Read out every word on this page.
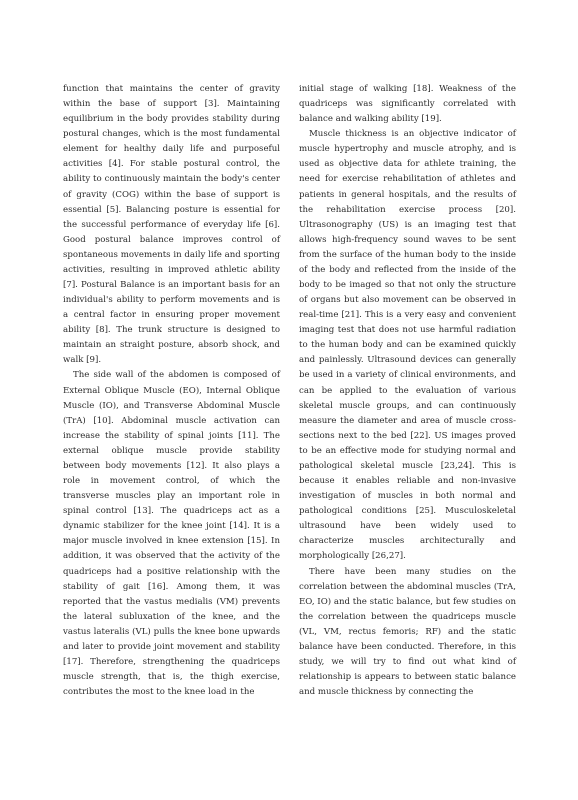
function that maintains the center of gravity within the base of support [3]. Maintaining equilibrium in the body provides stability during postural changes, which is the most fundamental element for healthy daily life and purposeful activities [4]. For stable postural control, the ability to continuously maintain the body's center of gravity (COG) within the base of support is essential [5]. Balancing posture is essential for the successful performance of everyday life [6]. Good postural balance improves control of spontaneous movements in daily life and sporting activities, resulting in improved athletic ability [7]. Postural Balance is an important basis for an individual's ability to perform movements and is a central factor in ensuring proper movement ability [8]. The trunk structure is designed to maintain an straight posture, absorb shock, and walk [9].

The side wall of the abdomen is composed of External Oblique Muscle (EO), Internal Oblique Muscle (IO), and Transverse Abdominal Muscle (TrA) [10]. Abdominal muscle activation can increase the stability of spinal joints [11]. The external oblique muscle provide stability between body movements [12]. It also plays a role in movement control, of which the transverse muscles play an important role in spinal control [13]. The quadriceps act as a dynamic stabilizer for the knee joint [14]. It is a major muscle involved in knee extension [15]. In addition, it was observed that the activity of the quadriceps had a positive relationship with the stability of gait [16]. Among them, it was reported that the vastus medialis (VM) prevents the lateral subluxation of the knee, and the vastus lateralis (VL) pulls the knee bone upwards and later to provide joint movement and stability [17]. Therefore, strengthening the quadriceps muscle strength, that is, the thigh exercise, contributes the most to the knee load in the

initial stage of walking [18]. Weakness of the quadriceps was significantly correlated with balance and walking ability [19].

Muscle thickness is an objective indicator of muscle hypertrophy and muscle atrophy, and is used as objective data for athlete training, the need for exercise rehabilitation of athletes and patients in general hospitals, and the results of the rehabilitation exercise process [20]. Ultrasonography (US) is an imaging test that allows high-frequency sound waves to be sent from the surface of the human body to the inside of the body and reflected from the inside of the body to be imaged so that not only the structure of organs but also movement can be observed in real-time [21]. This is a very easy and convenient imaging test that does not use harmful radiation to the human body and can be examined quickly and painlessly. Ultrasound devices can generally be used in a variety of clinical environments, and can be applied to the evaluation of various skeletal muscle groups, and can continuously measure the diameter and area of muscle cross-sections next to the bed [22]. US images proved to be an effective mode for studying normal and pathological skeletal muscle [23,24]. This is because it enables reliable and non-invasive investigation of muscles in both normal and pathological conditions [25]. Musculoskeletal ultrasound have been widely used to characterize muscles architecturally and morphologically [26,27].

There have been many studies on the correlation between the abdominal muscles (TrA, EO, IO) and the static balance, but few studies on the correlation between the quadriceps muscle (VL, VM, rectus femoris; RF) and the static balance have been conducted. Therefore, in this study, we will try to find out what kind of relationship is appears to between static balance and muscle thickness by connecting the
